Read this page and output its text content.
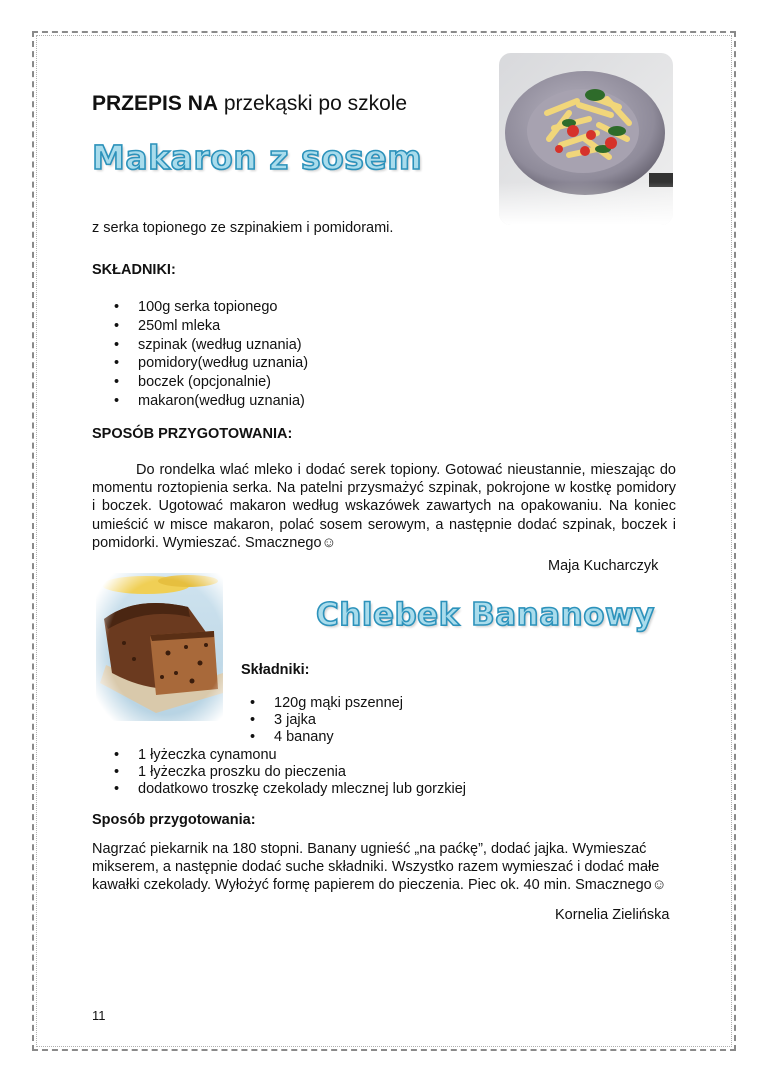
PRZEPIS NA przekąski po szkole
Makaron z sosem
z serka topionego ze szpinakiem i pomidorami.
SKŁADNIKI:
• 100g serka topionego
• 250ml mleka
• szpinak (według uznania)
• pomidory(według uznania)
• boczek (opcjonalnie)
• makaron(według uznania)
SPOSÓB PRZYGOTOWANIA:
Do rondelka wlać mleko i dodać serek topiony. Gotować nieustannie, mieszając do momentu roztopienia serka. Na patelni przysmażyć szpinak, pokrojone w kostkę pomidory i boczek. Ugotować makaron według wskazówek zawartych na opakowaniu. Na koniec umieścić w misce makaron, polać sosem serowym, a następnie dodać szpinak, boczek i pomidorki. Wymieszać. Smacznego☺
Maja Kucharczyk
Chlebek Bananowy
Składniki:
• 120g mąki pszennej
• 3 jajka
• 4 banany
• 1 łyżeczka cynamonu
• 1 łyżeczka proszku do pieczenia
• dodatkowo troszkę czekolady mlecznej lub gorzkiej
Sposób przygotowania:
Nagrzać piekarnik na 180 stopni. Banany ugnieść „na paćkę”, dodać jajka. Wymieszać mikserem, a następnie dodać suche składniki. Wszystko razem wymieszać i dodać małe kawałki czekolady. Wyłożyć formę papierem do pieczenia. Piec ok. 40 min. Smacznego☺
Kornelia Zielińska
11
